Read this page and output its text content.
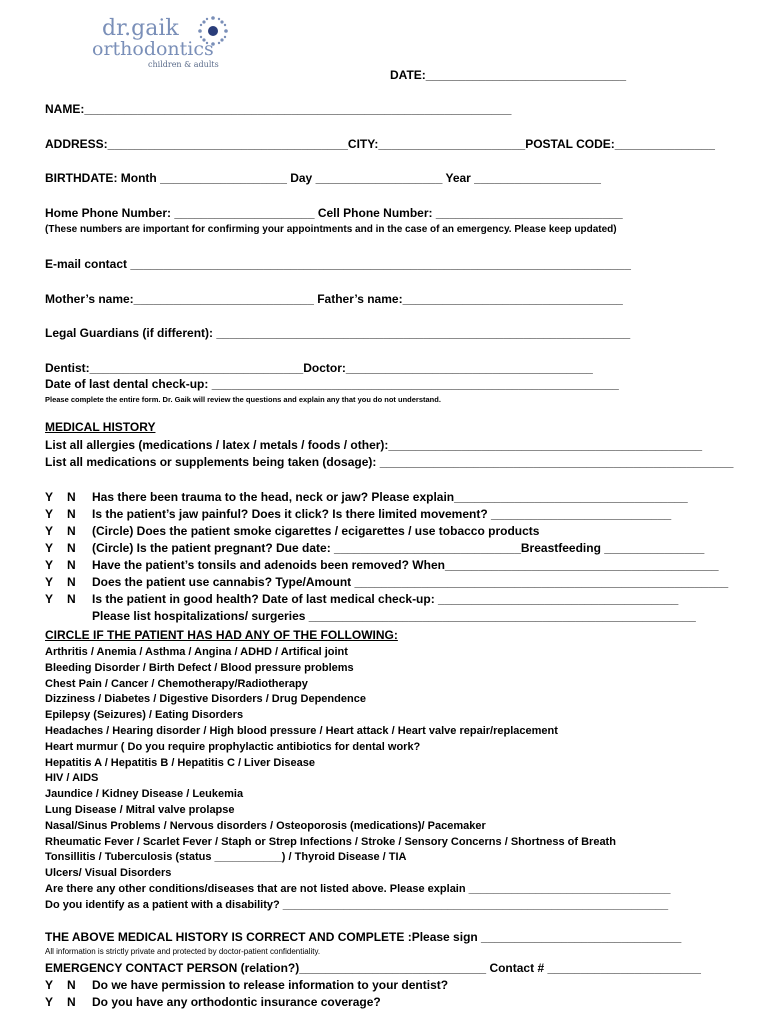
dr.gaik
orthodontics
children & adults
DATE:______________________________
NAME:________________________________________________________________
ADDRESS:____________________________________CITY:______________________POSTAL CODE:_______________
BIRTHDATE: Month ___________________ Day ___________________ Year ___________________
Home Phone Number: _____________________ Cell Phone Number: ____________________________
(These numbers are important for confirming your appointments and in the case of an emergency. Please keep updated)
E-mail contact ___________________________________________________________________________
Mother’s name:___________________________ Father’s name:_________________________________
Legal Guardians (if different): ______________________________________________________________
Dentist:________________________________Doctor:_____________________________________
Date of last dental check-up: _____________________________________________________________
Please complete the entire form. Dr. Gaik will review the questions and explain any that you do not understand.
MEDICAL HISTORY
List all allergies (medications / latex / metals / foods / other):_______________________________________________
List all medications or supplements being taken (dosage): _____________________________________________________
Y N Has there been trauma to the head, neck or jaw? Please explain___________________________________
Y N Is the patient’s jaw painful? Does it click? Is there limited movement? ___________________________
Y N (Circle) Does the patient smoke cigarettes / ecigarettes / use tobacco products
Y N (Circle) Is the patient pregnant? Due date: ____________________________Breastfeeding _______________
Y N Have the patient’s tonsils and adenoids been removed? When_________________________________________
Y N Does the patient use cannabis? Type/Amount ________________________________________________________
Y N Is the patient in good health? Date of last medical check-up: ____________________________________
Please list hospitalizations/ surgeries __________________________________________________________
CIRCLE IF THE PATIENT HAS HAD ANY OF THE FOLLOWING:
Arthritis / Anemia / Asthma / Angina / ADHD / Artifical joint
Bleeding Disorder / Birth Defect / Blood pressure problems
Chest Pain / Cancer / Chemotherapy/Radiotherapy
Dizziness / Diabetes / Digestive Disorders / Drug Dependence
Epilepsy (Seizures) / Eating Disorders
Headaches / Hearing disorder / High blood pressure / Heart attack / Heart valve repair/replacement
Heart murmur ( Do you require prophylactic antibiotics for dental work?
Hepatitis A / Hepatitis B / Hepatitis C / Liver Disease
HIV / AIDS
Jaundice / Kidney Disease / Leukemia
Lung Disease / Mitral valve prolapse
Nasal/Sinus Problems / Nervous disorders / Osteoporosis (medications)/ Pacemaker
Rheumatic Fever / Scarlet Fever / Staph or Strep Infections / Stroke / Sensory Concerns / Shortness of Breath
Tonsillitis / Tuberculosis (status ___________) / Thyroid Disease / TIA
Ulcers/ Visual Disorders
Are there any other conditions/diseases that are not listed above. Please explain _________________________________
Do you identify as a patient with a disability? _______________________________________________________________
THE ABOVE MEDICAL HISTORY IS CORRECT AND COMPLETE :Please sign ______________________________
All information is strictly private and protected by doctor-patient confidentiality.
EMERGENCY CONTACT PERSON (relation?)____________________________ Contact # _______________________
Y N Do we have permission to release information to your dentist?
Y N Do you have any orthodontic insurance coverage?
